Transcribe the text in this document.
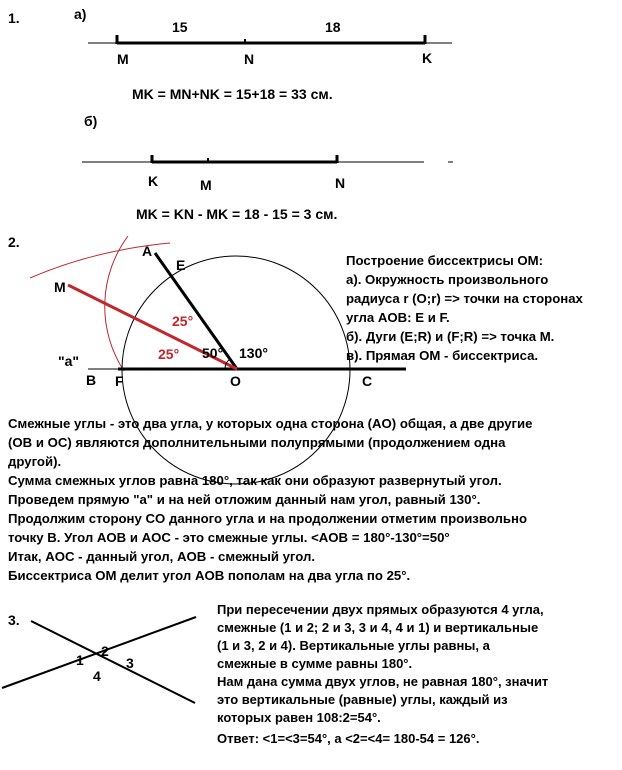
1.	а)
15	18
M	N	K
MK = MN+NK = 15+18 = 33 см.
б)
K	M	N
MK = KN - MK = 18 - 15 = 3 см.
2.
A
E
M
"a"
B F	O	C
25°
25° 50° 130°
Построение биссектрисы OM:
а). Окружность произвольного
радиуса r (O;r) => точки на сторонах
угла AOB: E и F.
б). Дуги (E;R) и (F;R) => точка M.
в). Прямая OM - биссектриса.
Смежные углы - это два угла, у которых одна сторона (AO) общая, а две другие
(OB и OC) являются дополнительными полупрямыми (продолжением одна
другой).
Сумма смежных углов равна 180°, так как они образуют развернутый угол.
Проведем прямую "a" и на ней отложим данный нам угол, равный 130°.
Продолжим сторону CO данного угла и на продолжении отметим произвольно
точку B. Угол AOB и AOC - это смежные углы. <AOB = 180°-130°=50°
Итак, AOC - данный угол, AOB - смежный угол.
Биссектриса OM делит угол AOB пополам на два угла по 25°.
3.
1
2
3
4
При пересечении двух прямых образуются 4 угла,
смежные (1 и 2; 2 и 3, 3 и 4, 4 и 1) и вертикальные
(1 и 3, 2 и 4). Вертикальные углы равны, а
смежные в сумме равны 180°.
Нам дана сумма двух углов, не равная 180°, значит
это вертикальные (равные) углы, каждый из
которых равен 108:2=54°.
Ответ: <1=<3=54°, а <2=<4= 180-54 = 126°.
